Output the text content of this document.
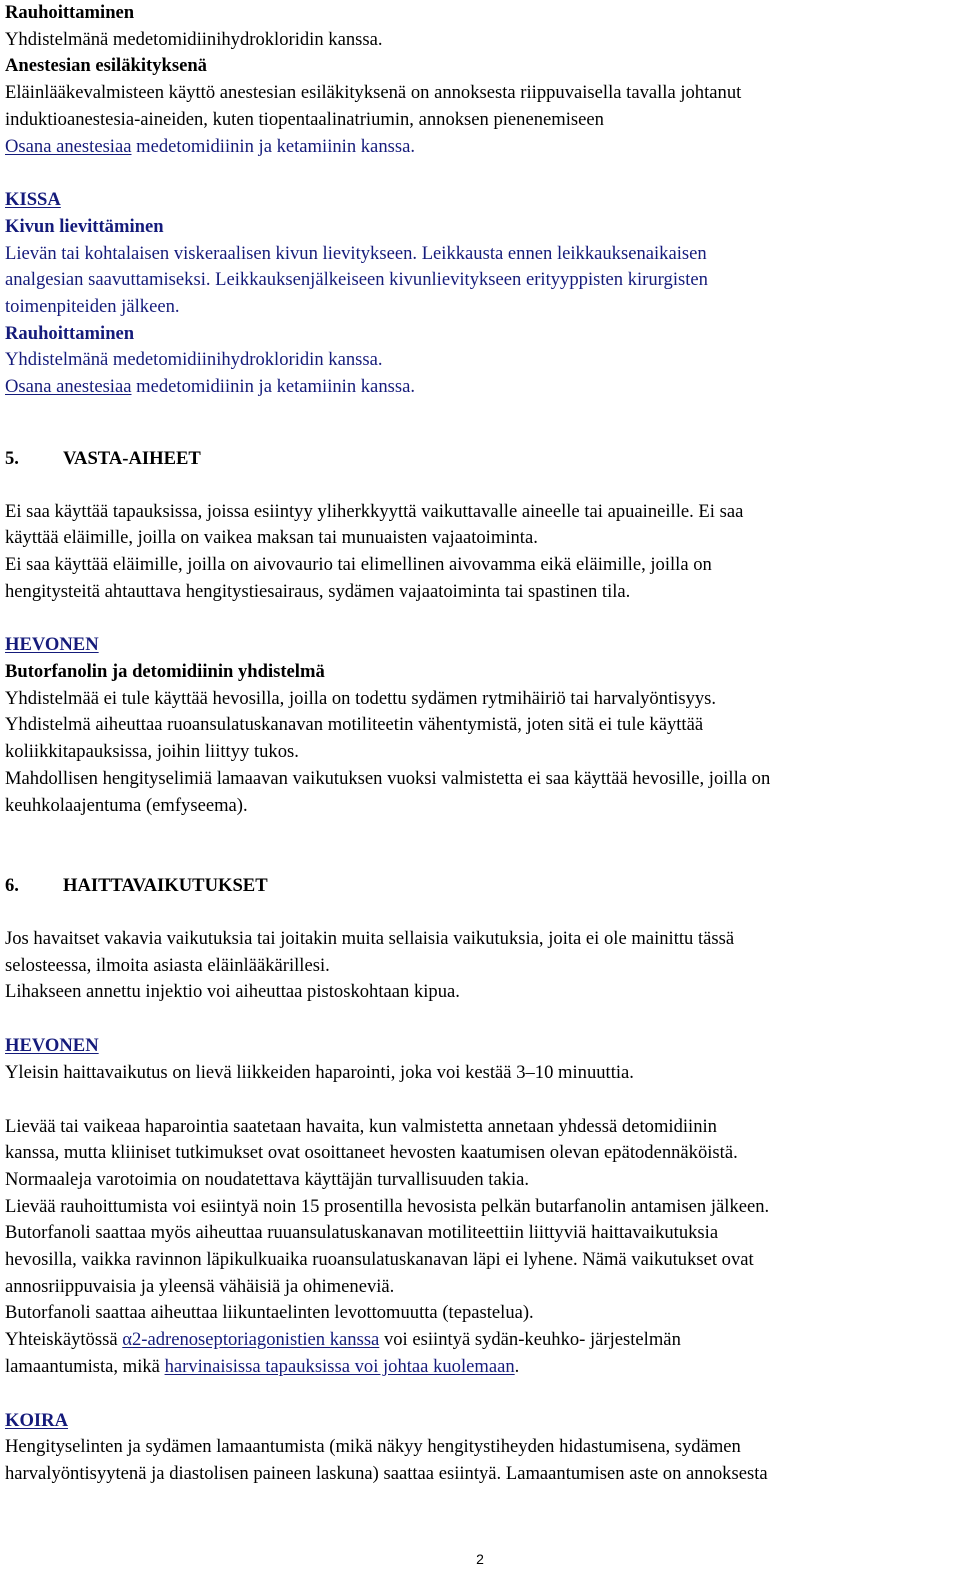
Rauhoittaminen

Yhdistelmänä medetomidiinihydrokloridin kanssa.

Anestesian esiläkityksenä

Eläinlääkevalmisteen käyttö anestesian esiläkityksenä on annoksesta riippuvaisella tavalla johtanut

induktioanestesia-aineiden, kuten tiopentaalinatriumin, annoksen pienenemiseen

Osana anestesiaa medetomidiinin ja ketamiinin kanssa.

KISSA

Kivun lievittäminen

Lievän tai kohtalaisen viskeraalisen kivun lievitykseen. Leikkausta ennen leikkauksenaikaisen

analgesian saavuttamiseksi. Leikkauksenjälkeiseen kivunlievitykseen erityyppisten kirurgisten

toimenpiteiden jälkeen.

Rauhoittaminen

Yhdistelmänä medetomidiinihydrokloridin kanssa.

Osana anestesiaa medetomidiinin ja ketamiinin kanssa.

5. VASTA-AIHEET

Ei saa käyttää tapauksissa, joissa esiintyy yliherkkyyttä vaikuttavalle aineelle tai apuaineille. Ei saa

käyttää eläimille, joilla on vaikea maksan tai munuaisten vajaatoiminta.

Ei saa käyttää eläimille, joilla on aivovaurio tai elimellinen aivovamma eikä eläimille, joilla on

hengitysteitä ahtauttava hengitystiesairaus, sydämen vajaatoiminta tai spastinen tila.

HEVONEN

Butorfanolin ja detomidiinin yhdistelmä

Yhdistelmää ei tule käyttää hevosilla, joilla on todettu sydämen rytmihäiriö tai harvalyöntisyys.

Yhdistelmä aiheuttaa ruoansulatuskanavan motiliteetin vähentymistä, joten sitä ei tule käyttää

koliikkitapauksissa, joihin liittyy tukos.

Mahdollisen hengityselimiä lamaavan vaikutuksen vuoksi valmistetta ei saa käyttää hevosille, joilla on

keuhkolaajentuma (emfyseema).

6. HAITTAVAIKUTUKSET

Jos havaitset vakavia vaikutuksia tai joitakin muita sellaisia vaikutuksia, joita ei ole mainittu tässä

selosteessa, ilmoita asiasta eläinlääkärillesi.

Lihakseen annettu injektio voi aiheuttaa pistoskohtaan kipua.

HEVONEN

Yleisin haittavaikutus on lievä liikkeiden haparointi, joka voi kestää 3–10 minuuttia.

Lievää tai vaikeaa haparointia saatetaan havaita, kun valmistetta annetaan yhdessä detomidiinin

kanssa, mutta kliiniset tutkimukset ovat osoittaneet hevosten kaatumisen olevan epätodennäköistä.

Normaaleja varotoimia on noudatettava käyttäjän turvallisuuden takia.

Lievää rauhoittumista voi esiintyä noin 15 prosentilla hevosista pelkän butarfanolin antamisen jälkeen.

Butorfanoli saattaa myös aiheuttaa ruuansulatuskanavan motiliteettiin liittyviä haittavaikutuksia

hevosilla, vaikka ravinnon läpikulkuaika ruoansulatuskanavan läpi ei lyhene. Nämä vaikutukset ovat

annosriippuvaisia ja yleensä vähäisiä ja ohimeneviä.

Butorfanoli saattaa aiheuttaa liikuntaelinten levottomuutta (tepastelua).

Yhteiskäytössä α2-adrenoseptoriagonistien kanssa voi esiintyä sydän-keuhko- järjestelmän

lamaantumista, mikä harvinaisissa tapauksissa voi johtaa kuolemaan.

KOIRA

Hengityselinten ja sydämen lamaantumista (mikä näkyy hengitystiheyden hidastumisena, sydämen

harvalyöntisyytenä ja diastolisen paineen laskuna) saattaa esiintyä. Lamaantumisen aste on annoksesta

2
